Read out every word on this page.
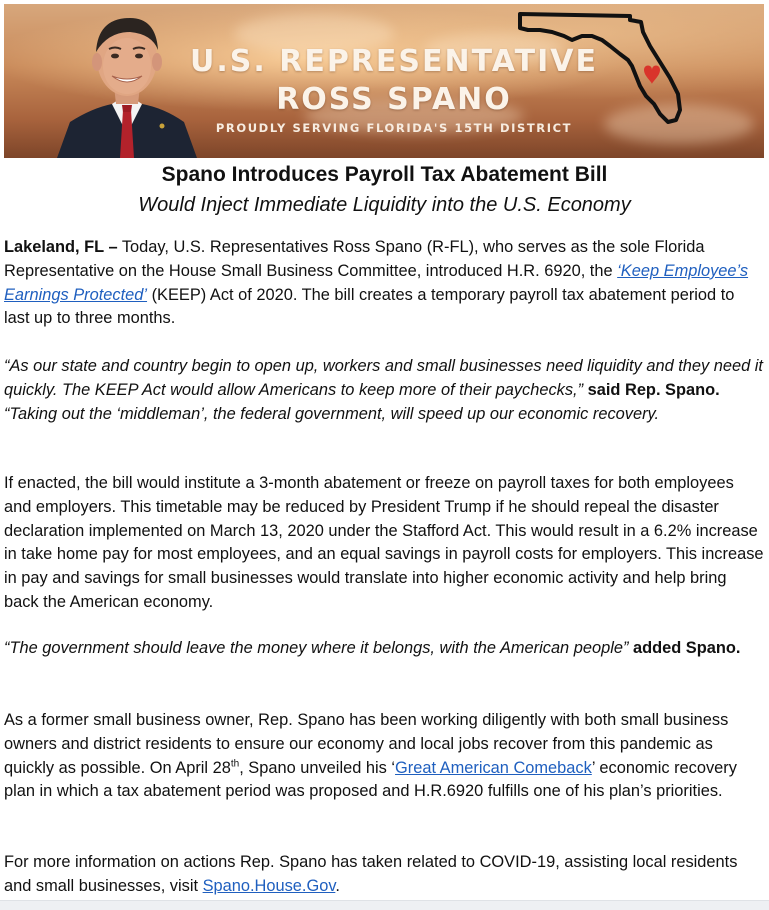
U.S. REPRESENTATIVE
ROSS SPANO
PROUDLY SERVING FLORIDA'S 15TH DISTRICT
Spano Introduces Payroll Tax Abatement Bill
Would Inject Immediate Liquidity into the U.S. Economy
Lakeland, FL – Today, U.S. Representatives Ross Spano (R-FL), who serves as the sole Florida Representative on the House Small Business Committee, introduced H.R. 6920, the ‘Keep Employee’s Earnings Protected’ (KEEP) Act of 2020. The bill creates a temporary payroll tax abatement period to last up to three months.
“As our state and country begin to open up, workers and small businesses need liquidity and they need it quickly. The KEEP Act would allow Americans to keep more of their paychecks,” said Rep. Spano. “Taking out the ‘middleman’, the federal government, will speed up our economic recovery.
If enacted, the bill would institute a 3-month abatement or freeze on payroll taxes for both employees and employers. This timetable may be reduced by President Trump if he should repeal the disaster declaration implemented on March 13, 2020 under the Stafford Act. This would result in a 6.2% increase in take home pay for most employees, and an equal savings in payroll costs for employers. This increase in pay and savings for small businesses would translate into higher economic activity and help bring back the American economy.
“The government should leave the money where it belongs, with the American people” added Spano.
As a former small business owner, Rep. Spano has been working diligently with both small business owners and district residents to ensure our economy and local jobs recover from this pandemic as quickly as possible. On April 28th, Spano unveiled his ‘Great American Comeback’ economic recovery plan in which a tax abatement period was proposed and H.R.6920 fulfills one of his plan’s priorities.
For more information on actions Rep. Spano has taken related to COVID-19, assisting local residents and small businesses, visit Spano.House.Gov.
